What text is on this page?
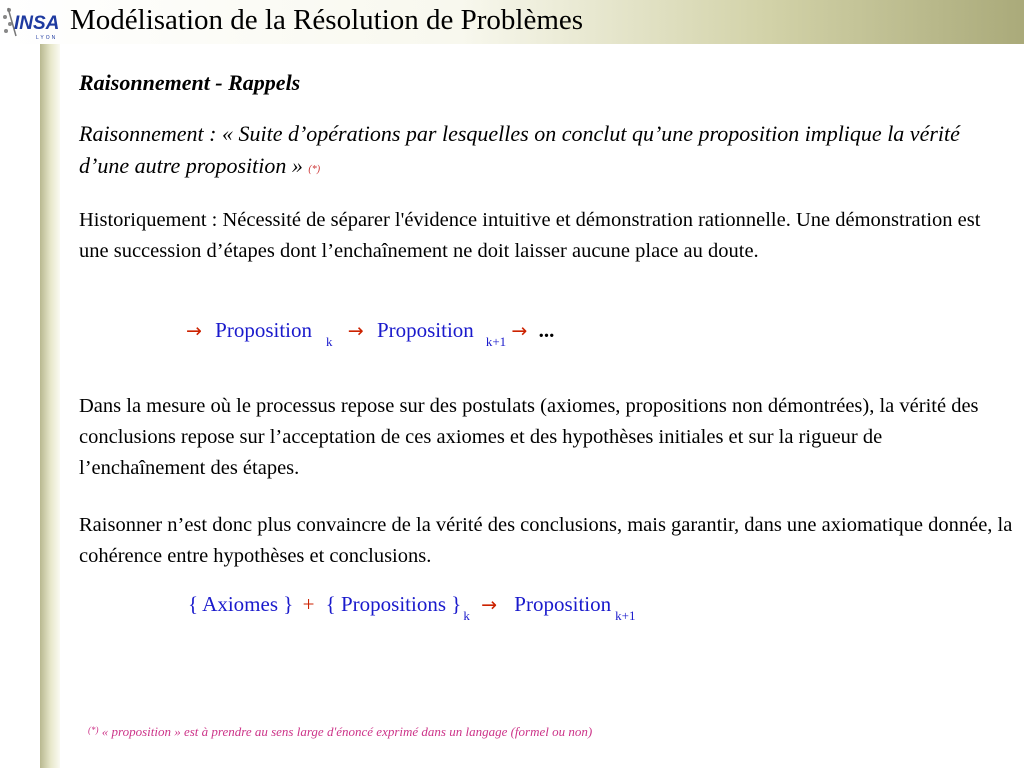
INSA
LYON
Modélisation de la Résolution de Problèmes
Raisonnement - Rappels
Raisonnement : « Suite d’opérations par lesquelles on conclut qu’une proposition implique la vérité d’une autre proposition » (*)
Historiquement : Nécessité de séparer l'évidence intuitive et démonstration rationnelle. Une démonstration est une succession d’étapes dont l’enchaînement ne doit laisser aucune place au doute.
→ Proposition $_k$ → Proposition $_{k+1}$ → ...
Dans la mesure où le processus repose sur des postulats (axiomes, propositions non démontrées), la vérité des conclusions repose sur l’acceptation de ces axiomes et des hypothèses initiales et sur la rigueur de l’enchaînement des étapes.
Raisonner n’est donc plus convaincre de la vérité des conclusions, mais garantir, dans une axiomatique donnée, la cohérence entre hypothèses et conclusions.
{ Axiomes } + { Propositions } $_k$ → Proposition $_{k+1}$
(*) « proposition » est à prendre au sens large d'énoncé exprimé dans un langage (formel ou non)
